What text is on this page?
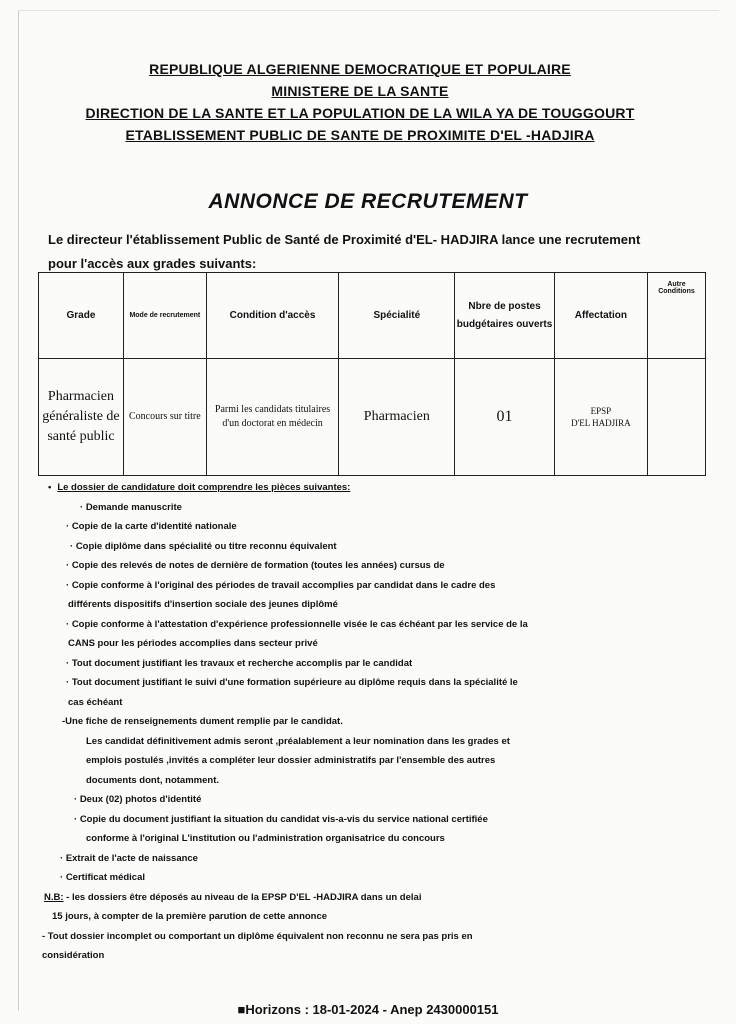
REPUBLIQUE ALGERIENNE DEMOCRATIQUE ET POPULAIRE
MINISTERE DE LA SANTE
DIRECTION DE LA SANTE ET LA POPULATION DE LA WILA YA DE TOUGGOURT
ETABLISSEMENT PUBLIC DE SANTE DE PROXIMITE D'EL -HADJIRA
ANNONCE DE RECRUTEMENT
Le directeur l'établissement Public de Santé de Proximité d'EL- HADJIRA lance une recrutement pour l'accès aux grades suivants:
Grade	Mode de recrutement	Condition d'accès	Spécialité	Nbre de postes budgétaires ouverts	Affectation	Autre Conditions
Pharmacien généraliste de santé public	Concours sur titre	Parmi les candidats titulaires d'un doctorat en médecin	Pharmacien	01	EPSP
D'EL HADJIRA	

• Le dossier de candidature doit comprendre les pièces suivantes:
· Demande manuscrite
· Copie de la carte d'identité nationale
· Copie diplôme dans spécialité ou titre reconnu équivalent
· Copie des relevés de notes de dernière de formation (toutes les années) cursus de
· Copie conforme à l'original des périodes de travail accomplies par candidat dans le cadre des
différents dispositifs d'insertion sociale des jeunes diplômé
· Copie conforme à l'attestation d'expérience professionnelle visée le cas échéant par les service de la
CANS pour les périodes accomplies dans secteur privé
· Tout document justifiant les travaux et recherche accomplis par le candidat
· Tout document justifiant le suivi d'une formation supérieure au diplôme requis dans la spécialité le
cas échéant
-Une fiche de renseignements dument remplie par le candidat.
Les candidat définitivement admis seront ,préalablement a leur nomination dans les grades et
emplois postulés ,invités a compléter leur dossier administratifs par l'ensemble des autres
documents dont, notamment.
· Deux (02) photos d'identité
· Copie du document justifiant la situation du candidat vis-a-vis du service national certifiée
conforme à l'original L'institution ou l'administration organisatrice du concours
· Extrait de l'acte de naissance
· Certificat médical
N.B: - les dossiers être déposés au niveau de la EPSP D'EL -HADJIRA dans un delai
15 jours, à compter de la première parution de cette annonce
- Tout dossier incomplet ou comportant un diplôme équivalent non reconnu ne sera pas pris en
considération
■Horizons : 18-01-2024 - Anep 2430000151
